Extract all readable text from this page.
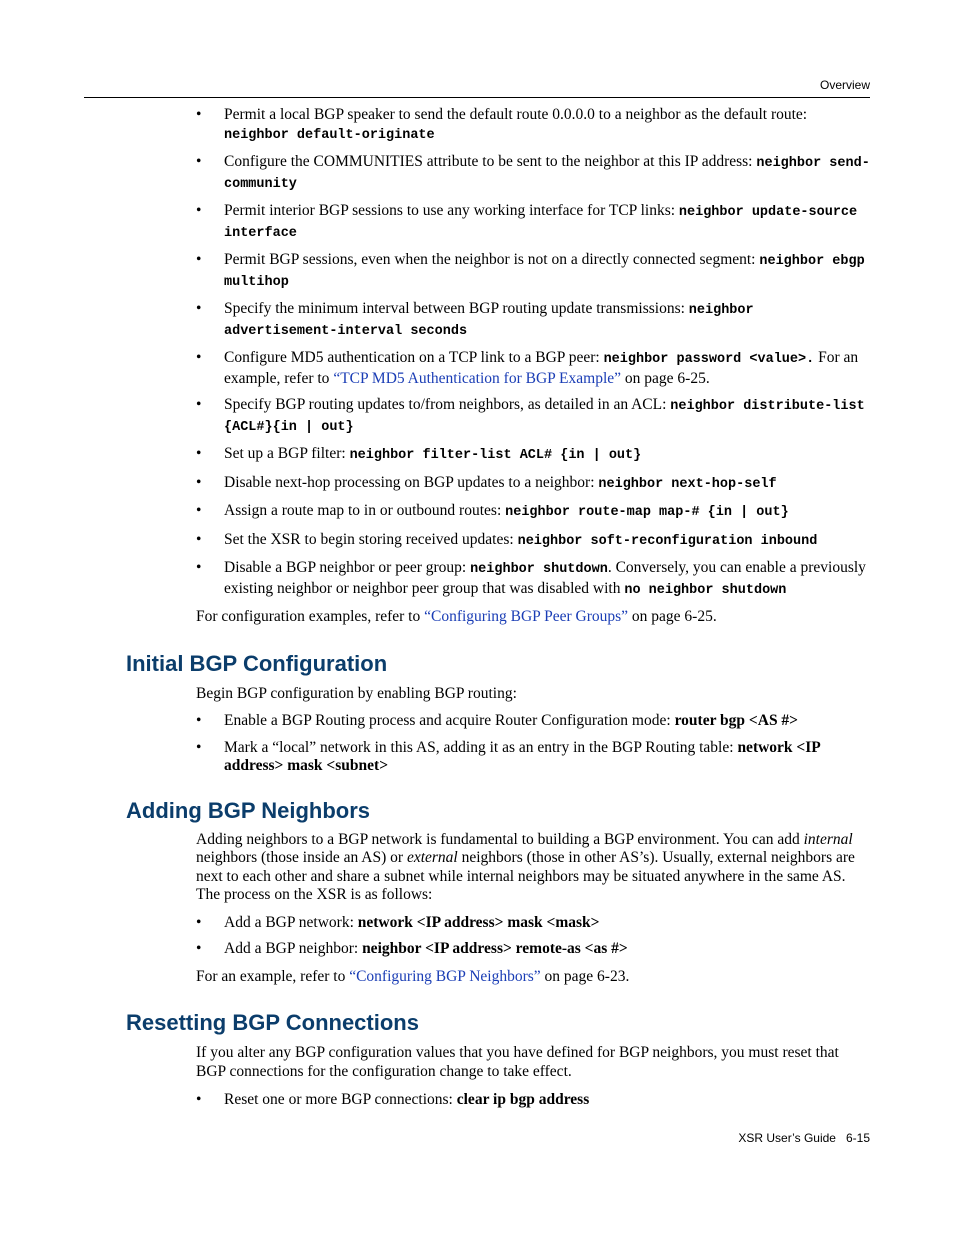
Overview
• Permit a local BGP speaker to send the default route 0.0.0.0 to a neighbor as the default route: neighbor default-originate
• Configure the COMMUNITIES attribute to be sent to the neighbor at this IP address: neighbor send-community
• Permit interior BGP sessions to use any working interface for TCP links: neighbor update-source interface
• Permit BGP sessions, even when the neighbor is not on a directly connected segment: neighbor ebgp multihop
• Specify the minimum interval between BGP routing update transmissions: neighbor advertisement-interval seconds
• Configure MD5 authentication on a TCP link to a BGP peer: neighbor password <value>. For an example, refer to “TCP MD5 Authentication for BGP Example” on page 6-25.
• Specify BGP routing updates to/from neighbors, as detailed in an ACL: neighbor distribute-list {ACL#}{in | out}
• Set up a BGP filter: neighbor filter-list ACL# {in | out}
• Disable next-hop processing on BGP updates to a neighbor: neighbor next-hop-self
• Assign a route map to in or outbound routes: neighbor route-map map-# {in | out}
• Set the XSR to begin storing received updates: neighbor soft-reconfiguration inbound
• Disable a BGP neighbor or peer group: neighbor shutdown. Conversely, you can enable a previously existing neighbor or neighbor peer group that was disabled with no neighbor shutdown

For configuration examples, refer to “Configuring BGP Peer Groups” on page 6-25.

Initial BGP Configuration

Begin BGP configuration by enabling BGP routing:

• Enable a BGP Routing process and acquire Router Configuration mode: router bgp <AS #>
• Mark a “local” network in this AS, adding it as an entry in the BGP Routing table: network <IP address> mask <subnet>
Adding BGP Neighbors

Adding neighbors to a BGP network is fundamental to building a BGP environment. You can add internal neighbors (those inside an AS) or external neighbors (those in other AS’s). Usually, external neighbors are next to each other and share a subnet while internal neighbors may be situated anywhere in the same AS. The process on the XSR is as follows:

• Add a BGP network: network <IP address> mask <mask>
• Add a BGP neighbor: neighbor <IP address> remote-as <as #>

For an example, refer to “Configuring BGP Neighbors” on page 6-23.

Resetting BGP Connections

If you alter any BGP configuration values that you have defined for BGP neighbors, you must reset that BGP connections for the configuration change to take effect.

• Reset one or more BGP connections: clear ip bgp address
XSR User’s Guide 6-15
